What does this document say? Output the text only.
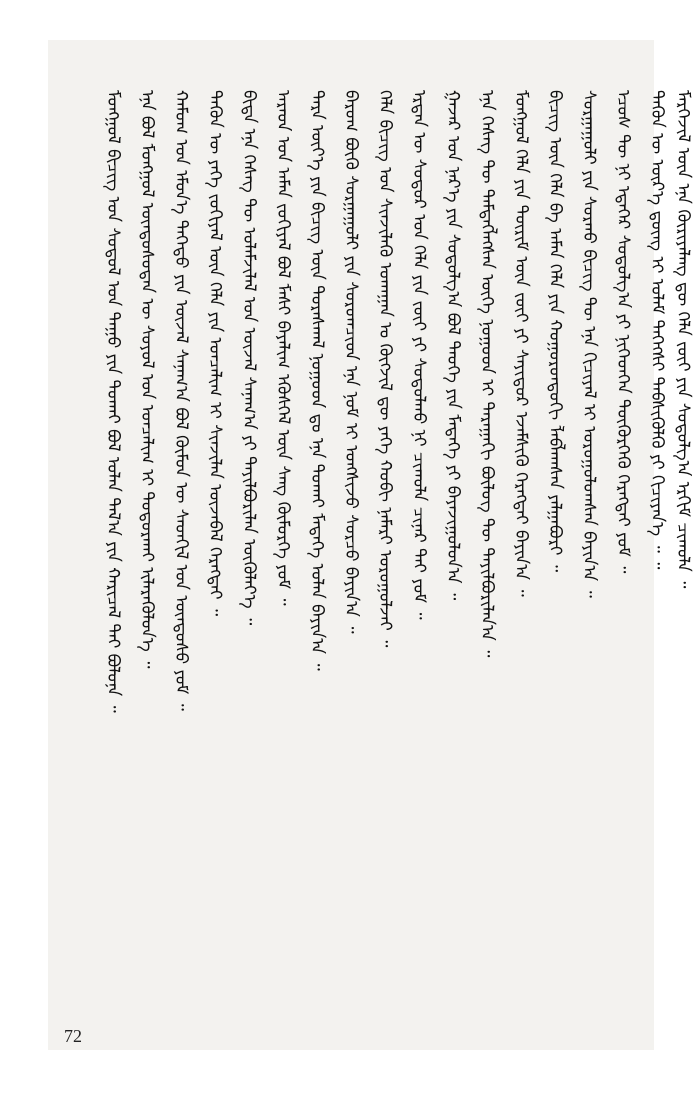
ᠮᠣᠩᠭᠣᠯ ᠪᠢᠴᠢᠭ ᠤᠨ ᠰᠤᠳᠤᠯ ᠤᠨ ᠳᠠᠭᠤ ᠶᠢᠨ ᠲᠤᠬᠠᠢ ᠪᠤᠯ ᠣᠯᠠᠨ ᠲᠠᠯ᠎ᠠ ᠶᠢᠨ ᠬᠠᠷᠢᠴᠠᠯ ᠲᠠᠶ ᠪᠣᠯᠤᠨᠠ ᠃ ᠡᠨᠡ ᠪᠣᠯ ᠮᠣᠩᠭᠣᠯ ᠦᠨᠳᠦᠰᠦᠲᠡᠨ ᠦ ᠰᠤᠶᠤᠯ ᠤᠨ ᠣᠨᠴᠠᠯᠢᠭ ᠢ ᠲᠣᠳᠣᠷᠬᠠᠢ ᠢᠯᠡᠷᠡᠭᠦᠯᠦᠨ᠎ᠡ ᠃ ᠬᠠᠮᠤᠭ ᠤᠨ ᠡᠮᠦᠨ᠎ᠡ ᠳᠡᠭᠡᠳᠦ ᠶᠢᠨ ᠦᠵᠡᠯ ᠰᠠᠨᠠᠭ᠎ᠠ ᠪᠣᠯ ᠬᠦᠮᠦᠨ ᠦ ᠰᠡᠳᠬᠢᠯ ᠤᠨ ᠦᠨᠳᠦᠰᠦ ᠶᠤᠮ ᠃ ᠲᠡᠭᠦᠨ ᠦ ᠶᠡᠬᠡ ᠵᠣᠬᠢᠶᠠᠯ ᠦᠨ ᠬᠡᠯᠡ ᠶᠢᠨ ᠣᠨᠴᠠᠯᠢᠭ ᠢ ᠰᠢᠨᠵᠢᠯᠡᠨ ᠦᠵᠡᠪᠡᠯ ᠬᠡᠷᠡᠭᠲᠡᠢ ᠃ ᠪᠢᠳᠡ ᠡᠨᠡ ᠬᠡᠰᠡᠭ ᠲᠦ ᠤᠯᠠᠮᠵᠢᠯᠠᠯ ᠤᠨ ᠦᠵᠡᠯ ᠰᠠᠨᠠᠭ᠎ᠠ ᠶᠢ ᠲᠠᠶᠢᠯᠪᠤᠷᠢᠯᠠᠨ ᠦᠭᠦᠯᠡᠶ᠎ᠡ ᠃ ᠠᠷᠠᠳ ᠤᠨ ᠠᠮᠠᠨ ᠵᠣᠬᠢᠶᠠᠯ ᠪᠣᠯ ᠮᠠᠰᠢ ᠪᠠᠶᠠᠯᠢᠭ ᠡᠬᠦᠰᠬᠡᠯ ᠦᠨ ᠰᠠᠩ ᠬᠥᠮᠥᠷᠭᠡ ᠶᠤᠮ ᠃ ᠲᠡᠷᠡ ᠦᠶ᠎ᠡ ᠶᠢᠨ ᠪᠢᠴᠢᠭ ᠦᠨ ᠳᠤᠷᠠᠰᠬᠠᠯ ᠨᠤᠭᠤᠳ ᠳᠤ ᠡᠨᠡ ᠲᠤᠬᠠᠢ ᠮᠡᠳᠡᠭᠡ ᠣᠯᠠᠨ ᠪᠠᠶᠢᠨ᠎ᠠ ᠃ ᠪᠠᠷᠤᠭ ᠪᠦᠬᠦ ᠰᠤᠷᠭᠠᠭᠤᠯᠢ ᠶᠢᠨ ᠰᠤᠷᠤᠭᠴᠢᠳ ᠡᠨᠡ ᠨᠣᠮ ᠢ ᠤᠩᠰᠢᠵᠤ ᠰᠤᠷᠴᠤ ᠪᠠᠶᠢᠨ᠎ᠠ ᠃ ᠬᠡᠯᠡ ᠪᠢᠴᠢᠭ ᠤᠨ ᠰᠢᠨᠵᠢᠯᠡᠬᠦ ᠤᠬᠠᠭᠠᠨ ᠤ ᠬᠦᠭᠵᠢᠯ ᠳᠦ ᠶᠡᠬᠡ ᠬᠤᠪᠢ ᠨᠡᠮᠡᠷᠢ ᠣᠷᠣᠭᠤᠯᠵᠠᠢ ᠃ ᠡᠷᠲᠡᠨ ᠦ ᠰᠤᠳᠤᠷ ᠤᠨ ᠬᠡᠯᠡ ᠶᠢᠨ ᠵᠦᠢ ᠶᠢ ᠰᠤᠳᠤᠯᠬᠤ ᠨᠢ ᠴᠢᠬᠤᠯᠠ ᠴᠢᠨᠠᠷ ᠲᠠᠢ ᠶᠤᠮ ᠃ ᠭᠠᠵᠠᠷ ᠤᠨ ᠨᠡᠷ᠎ᠡ ᠶᠢᠨ ᠰᠤᠳᠤᠯᠭ᠎ᠠ ᠪᠣᠯ ᠲᠡᠦᠬᠡ ᠶᠢᠨ ᠮᠡᠳᠡᠭᠡ ᠶᠢ ᠪᠠᠶᠠᠵᠢᠭᠤᠯᠤᠨ᠎ᠠ ᠃ ᠡᠨᠡ ᠬᠡᠰᠡᠭ ᠲᠦ ᠲᠡᠮᠳᠡᠭᠯᠡᠭᠰᠡᠨ ᠦᠭᠡ ᠨᠤᠭᠤᠳ ᠢ ᠳᠠᠷᠠᠭᠠᠬᠢ ᠪᠦᠯᠦᠭ ᠲᠦ ᠲᠠᠶᠢᠯᠪᠤᠷᠢᠯᠠᠨ᠎ᠠ ᠃ ᠮᠣᠩᠭᠣᠯ ᠬᠡᠯᠡ ᠶᠢᠨ ᠳᠦᠷᠢᠮ ᠦᠨ ᠵᠦᠢ ᠶᠢ ᠰᠠᠶᠢᠲᠤᠷ ᠡᠵᠡᠮᠰᠢᠬᠦ ᠬᠡᠷᠡᠭᠲᠡᠢ ᠪᠠᠶᠢᠨ᠎ᠠ ᠃ ᠪᠢᠴᠢᠭ ᠦᠨ ᠬᠡᠯᠡ ᠪᠠ ᠠᠮᠠᠨ ᠬᠡᠯᠡ ᠶᠢᠨ ᠬᠣᠭᠣᠷᠣᠨᠳᠤᠬᠢ ᠯᠠᠪᠯᠠᠭᠰᠠᠨ ᠶᠠᠯᠭᠠᠪᠣᠷᠢ ᠃ ᠰᠤᠷᠭᠠᠭᠤᠯᠢ ᠶᠢᠨ ᠰᠤᠷᠬᠤ ᠪᠢᠴᠢᠭ ᠲᠦ ᠡᠨᠡ ᠬᠢᠴᠢᠶᠡᠯ ᠢ ᠣᠷᠣᠭᠤᠯᠤᠭᠰᠠᠨ ᠪᠠᠶᠢᠨ᠎ᠠ ᠃ ᠡᠴᠦᠰ ᠲᠦ ᠨᠢ ᠡᠳᠡᠭᠡᠷ ᠰᠤᠳᠤᠯᠭ᠎ᠠ ᠶᠢ ᠨᠢᠭᠡᠳᠭᠡᠨ ᠳᠦᠭᠦᠷᠭᠡᠬᠦ ᠬᠡᠷᠡᠭᠲᠡᠢ ᠶᠤᠮ ᠃ ᠲᠡᠭᠦᠨ ᠦ ᠦᠷ᠎ᠡ ᠳ᠋ᠦᠩ ᠢ ᠤᠯᠠᠮ ᠳᠡᠭᠡᠭᠰᠢ ᠳᠡᠪᠰᠢᠭᠦᠯᠬᠦ ᠶᠢ ᠬᠢᠴᠢᠶᠡᠨ᠎ᠡ ᠃ ᠃ ᠮᠡᠷᠭᠡᠵᠢᠯ ᠦᠨ ᠡᠨᠡ ᠬᠦᠷᠢᠶᠡᠯᠡᠩ ᠳᠦ ᠬᠡᠯᠡ ᠵᠦᠢ ᠶᠢᠨ ᠰᠤᠳᠤᠯᠭ᠎ᠠ ᠡᠷᠬᠢᠮ ᠴᠢᠬᠤᠯᠠ ᠃
72
